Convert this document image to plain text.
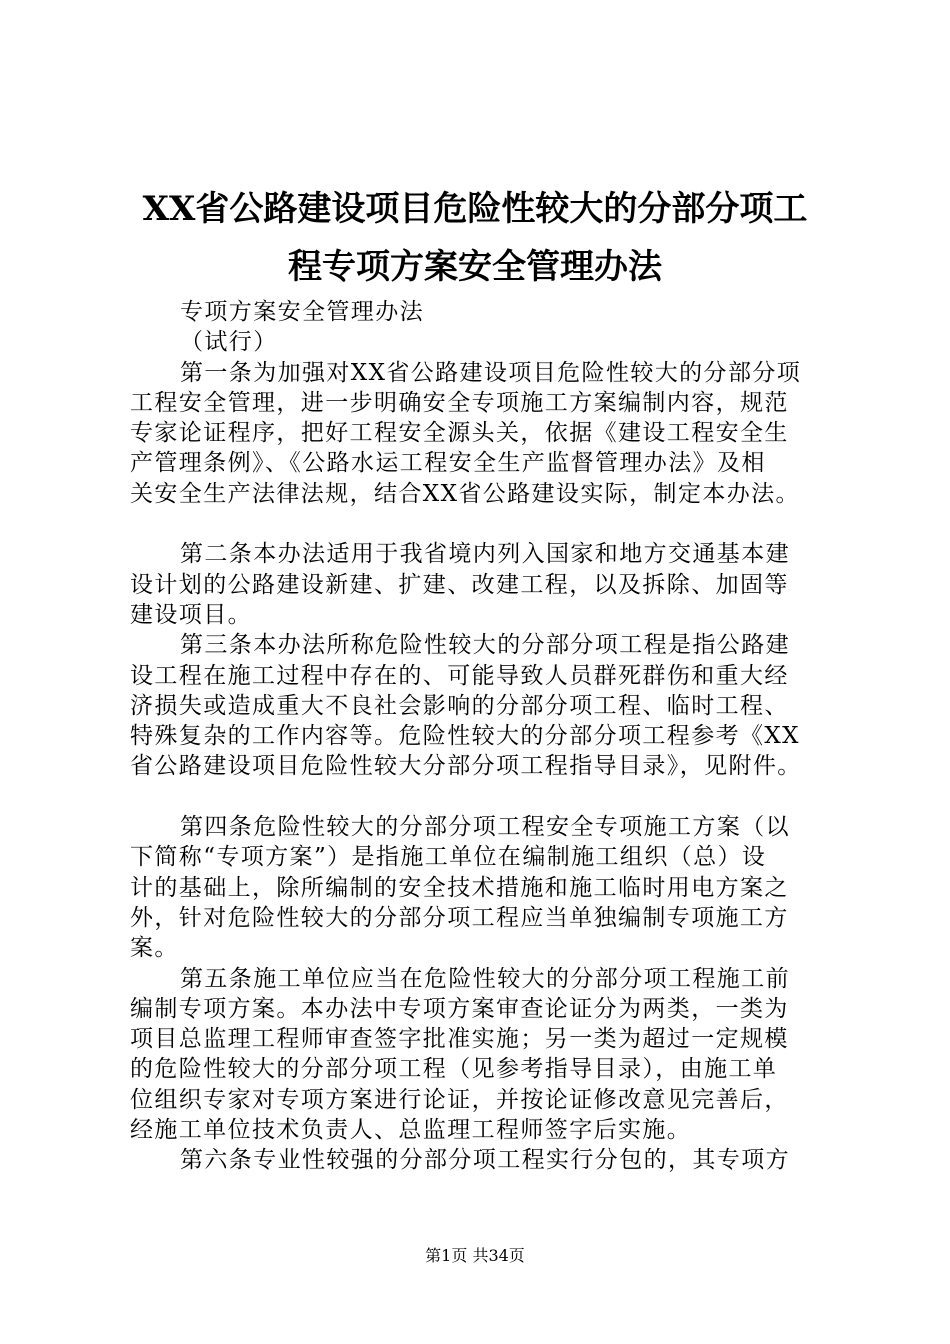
XX省公路建设项目危险性较大的分部分项工
程专项方案安全管理办法
专项方案安全管理办法
（试行）
第一条为加强对XX省公路建设项目危险性较大的分部分项
工程安全管理，进一步明确安全专项施工方案编制内容，规范
专家论证程序，把好工程安全源头关，依据《建设工程安全生
产管理条例》、《公路水运工程安全生产监督管理办法》及相
关安全生产法律法规，结合XX省公路建设实际，制定本办法。
第二条本办法适用于我省境内列入国家和地方交通基本建
设计划的公路建设新建、扩建、改建工程，以及拆除、加固等
建设项目。
第三条本办法所称危险性较大的分部分项工程是指公路建
设工程在施工过程中存在的、可能导致人员群死群伤和重大经
济损失或造成重大不良社会影响的分部分项工程、临时工程、
特殊复杂的工作内容等。危险性较大的分部分项工程参考《XX
省公路建设项目危险性较大分部分项工程指导目录》，见附件。
第四条危险性较大的分部分项工程安全专项施工方案（以
下简称“专项方案”）是指施工单位在编制施工组织（总）设
计的基础上，除所编制的安全技术措施和施工临时用电方案之
外，针对危险性较大的分部分项工程应当单独编制专项施工方
案。
第五条施工单位应当在危险性较大的分部分项工程施工前
编制专项方案。本办法中专项方案审查论证分为两类，一类为
项目总监理工程师审查签字批准实施；另一类为超过一定规模
的危险性较大的分部分项工程（见参考指导目录），由施工单
位组织专家对专项方案进行论证，并按论证修改意见完善后，
经施工单位技术负责人、总监理工程师签字后实施。
第六条专业性较强的分部分项工程实行分包的，其专项方
第1页 共34页
